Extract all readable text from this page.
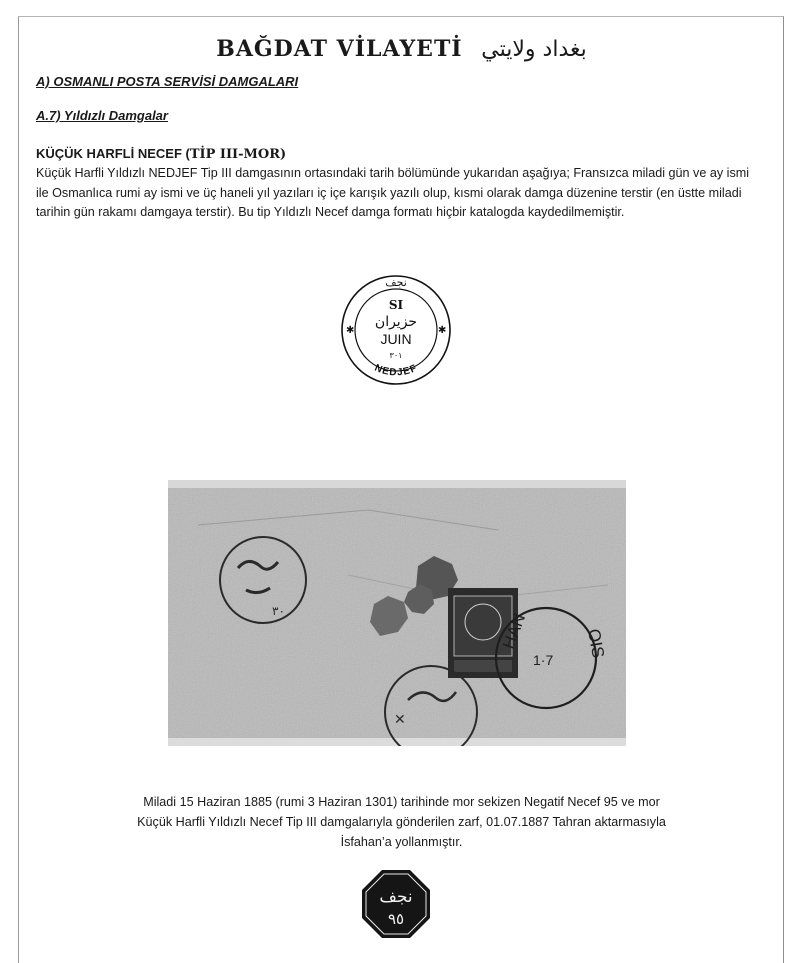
BAĞDAT VİLAYETİ بغداد ولايتي
A) OSMANLI POSTA SERVİSİ DAMGALARI
A.7) Yıldızlı Damgalar
KÜÇÜK HARFLİ NECEF (TİP III-MOR)
Küçük Harfli Yıldızlı NEDJEF Tip III damgasının ortasındaki tarih bölümünde yukarıdan aşağıya; Fransızca miladi gün ve ay ismi ile Osmanlıca rumi ay ismi ve üç haneli yıl yazıları iç içe karışık yazılı olup, kısmi olarak damga düzenine terstir (en üstte miladi tarihin gün rakamı damgaya terstir). Bu tip Yıldızlı Necef damga formatı hiçbir katalogda kaydedilmemiştir.
✱	✱
نجف
SI
حزيران
JUIN
٣٠١
NEDJEF
٣٠
HAN	OIS
1·7
✕
Miladi 15 Haziran 1885 (rumi 3 Haziran 1301) tarihinde mor sekizen Negatif Necef 95 ve mor
Küçük Harfli Yıldızlı Necef Tip III damgalarıyla gönderilen zarf, 01.07.1887 Tahran aktarmasıyla
İsfahan’a yollanmıştır.
نجف
٩٥
